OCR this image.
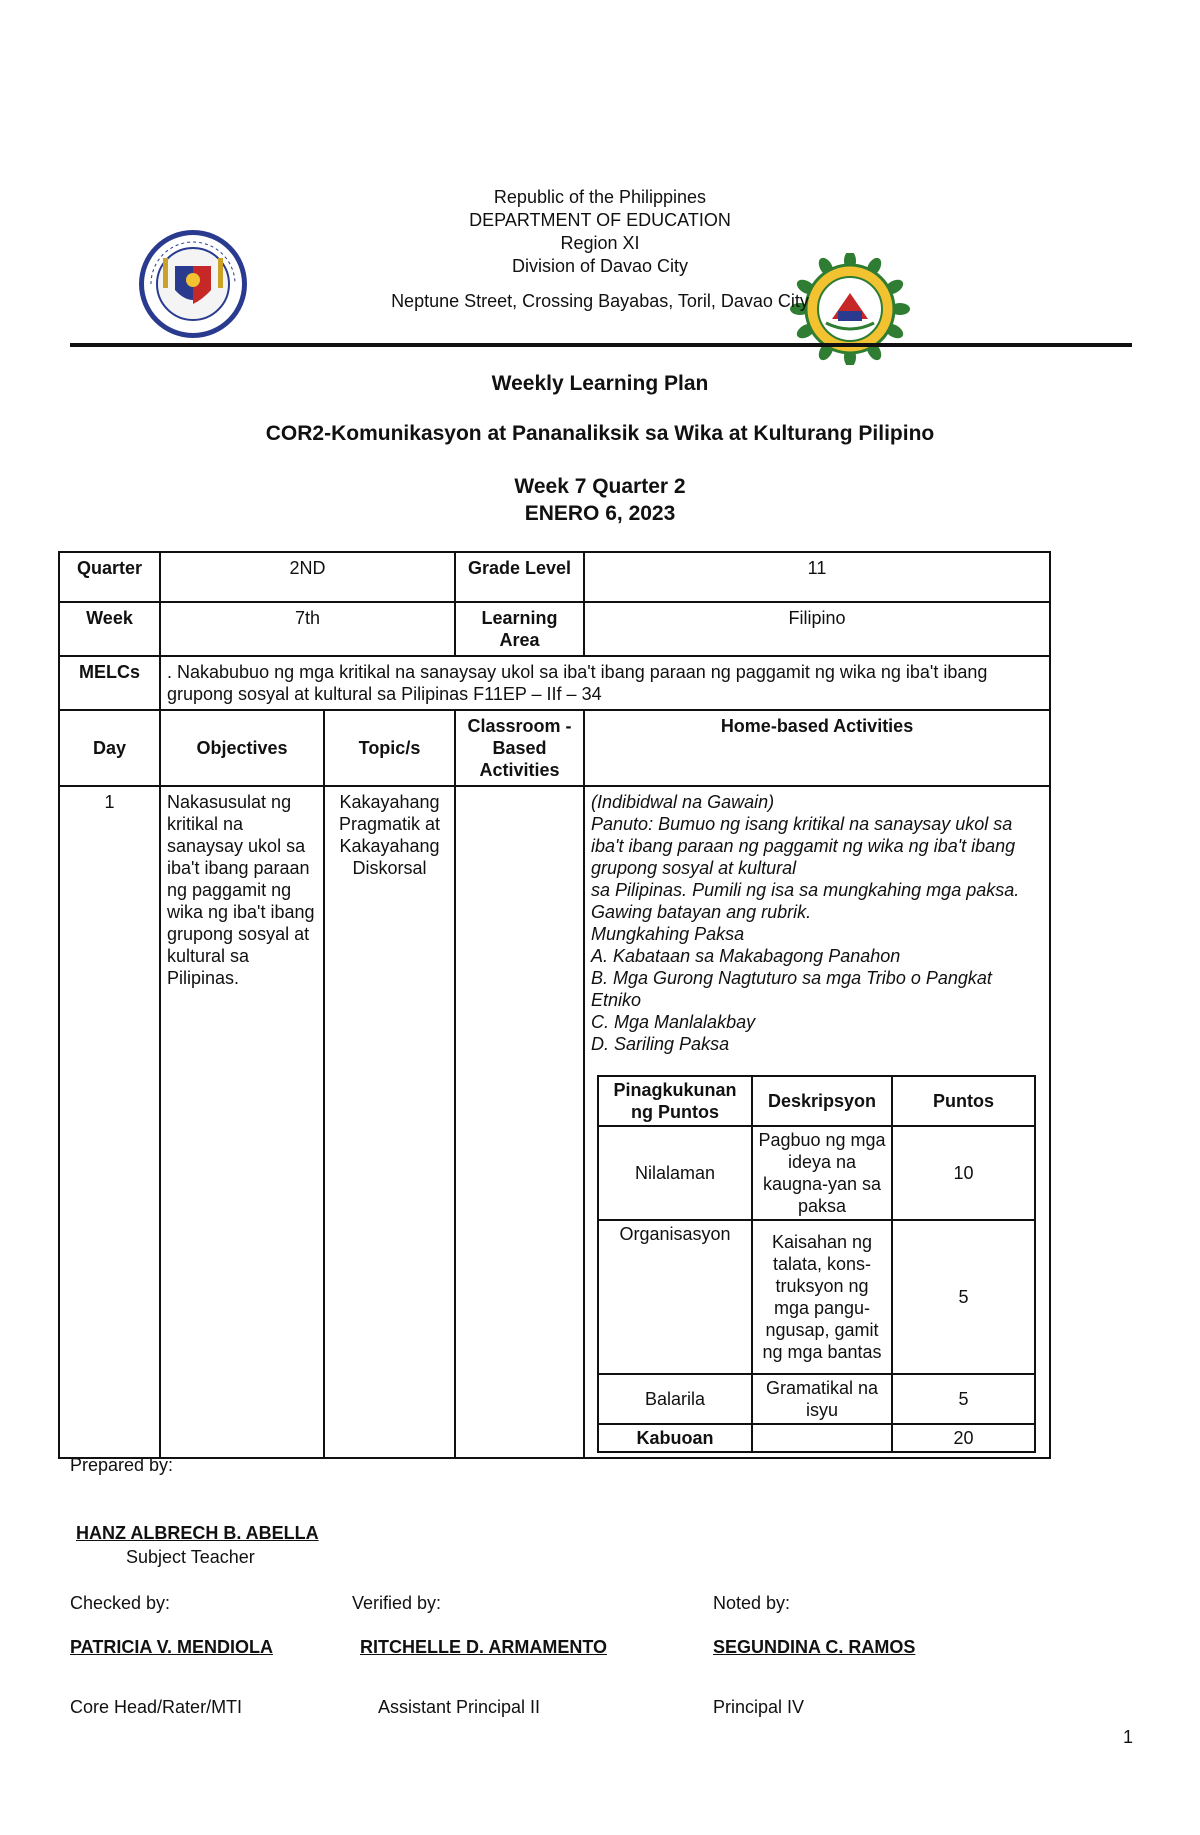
Republic of the Philippines
DEPARTMENT OF EDUCATION
Region XI
Division of Davao City
Neptune Street, Crossing Bayabas, Toril, Davao City
Weekly Learning Plan
COR2-Komunikasyon at Pananaliksik sa Wika at Kulturang Pilipino
Week 7 Quarter 2
ENERO 6, 2023
Quarter	2ND	Grade Level	11
Week	7th	Learning Area	Filipino
MELCs	. Nakabubuo ng mga kritikal na sanaysay ukol sa iba't ibang paraan ng paggamit ng wika ng iba't ibang grupong sosyal at kultural sa Pilipinas F11EP – IIf – 34
Day	Objectives	Topic/s	Classroom -Based Activities	Home-based Activities
1	Nakasusulat ng kritikal na sanaysay ukol sa iba't ibang paraan ng paggamit ng wika ng iba't ibang grupong sosyal at kultural sa Pilipinas.	Kakayahang Pragmatik at Kakayahang Diskorsal		
(Indibidwal na Gawain)
Panuto: Bumuo ng isang kritikal na sanaysay ukol sa iba't ibang paraan ng paggamit ng wika ng iba't ibang grupong sosyal at kultural
sa Pilipinas. Pumili ng isa sa mungkahing mga paksa. Gawing batayan ang rubrik.
Mungkahing Paksa
A. Kabataan sa Makabagong Panahon
B. Mga Gurong Nagtuturo sa mga Tribo o Pangkat Etniko
C. Mga Manlalakbay
D. Sariling Paksa
Pinagkukunan ng Puntos	Deskripsyon	Puntos
Nilalaman	Pagbuo ng mga ideya na kaugna-yan sa paksa	10
Organisasyon	Kaisahan ng talata, kons-truksyon ng mga pangu-ngusap, gamit ng mga bantas	5
Balarila	Gramatikal na isyu	5
Kabuoan		20
Prepared by:
HANZ ALBRECH B. ABELLA
Subject Teacher
Checked by:	Verified by:	Noted by:
PATRICIA V. MENDIOLA	RITCHELLE D. ARMAMENTO	SEGUNDINA C. RAMOS
Core Head/Rater/MTI	Assistant Principal II	Principal IV
1
